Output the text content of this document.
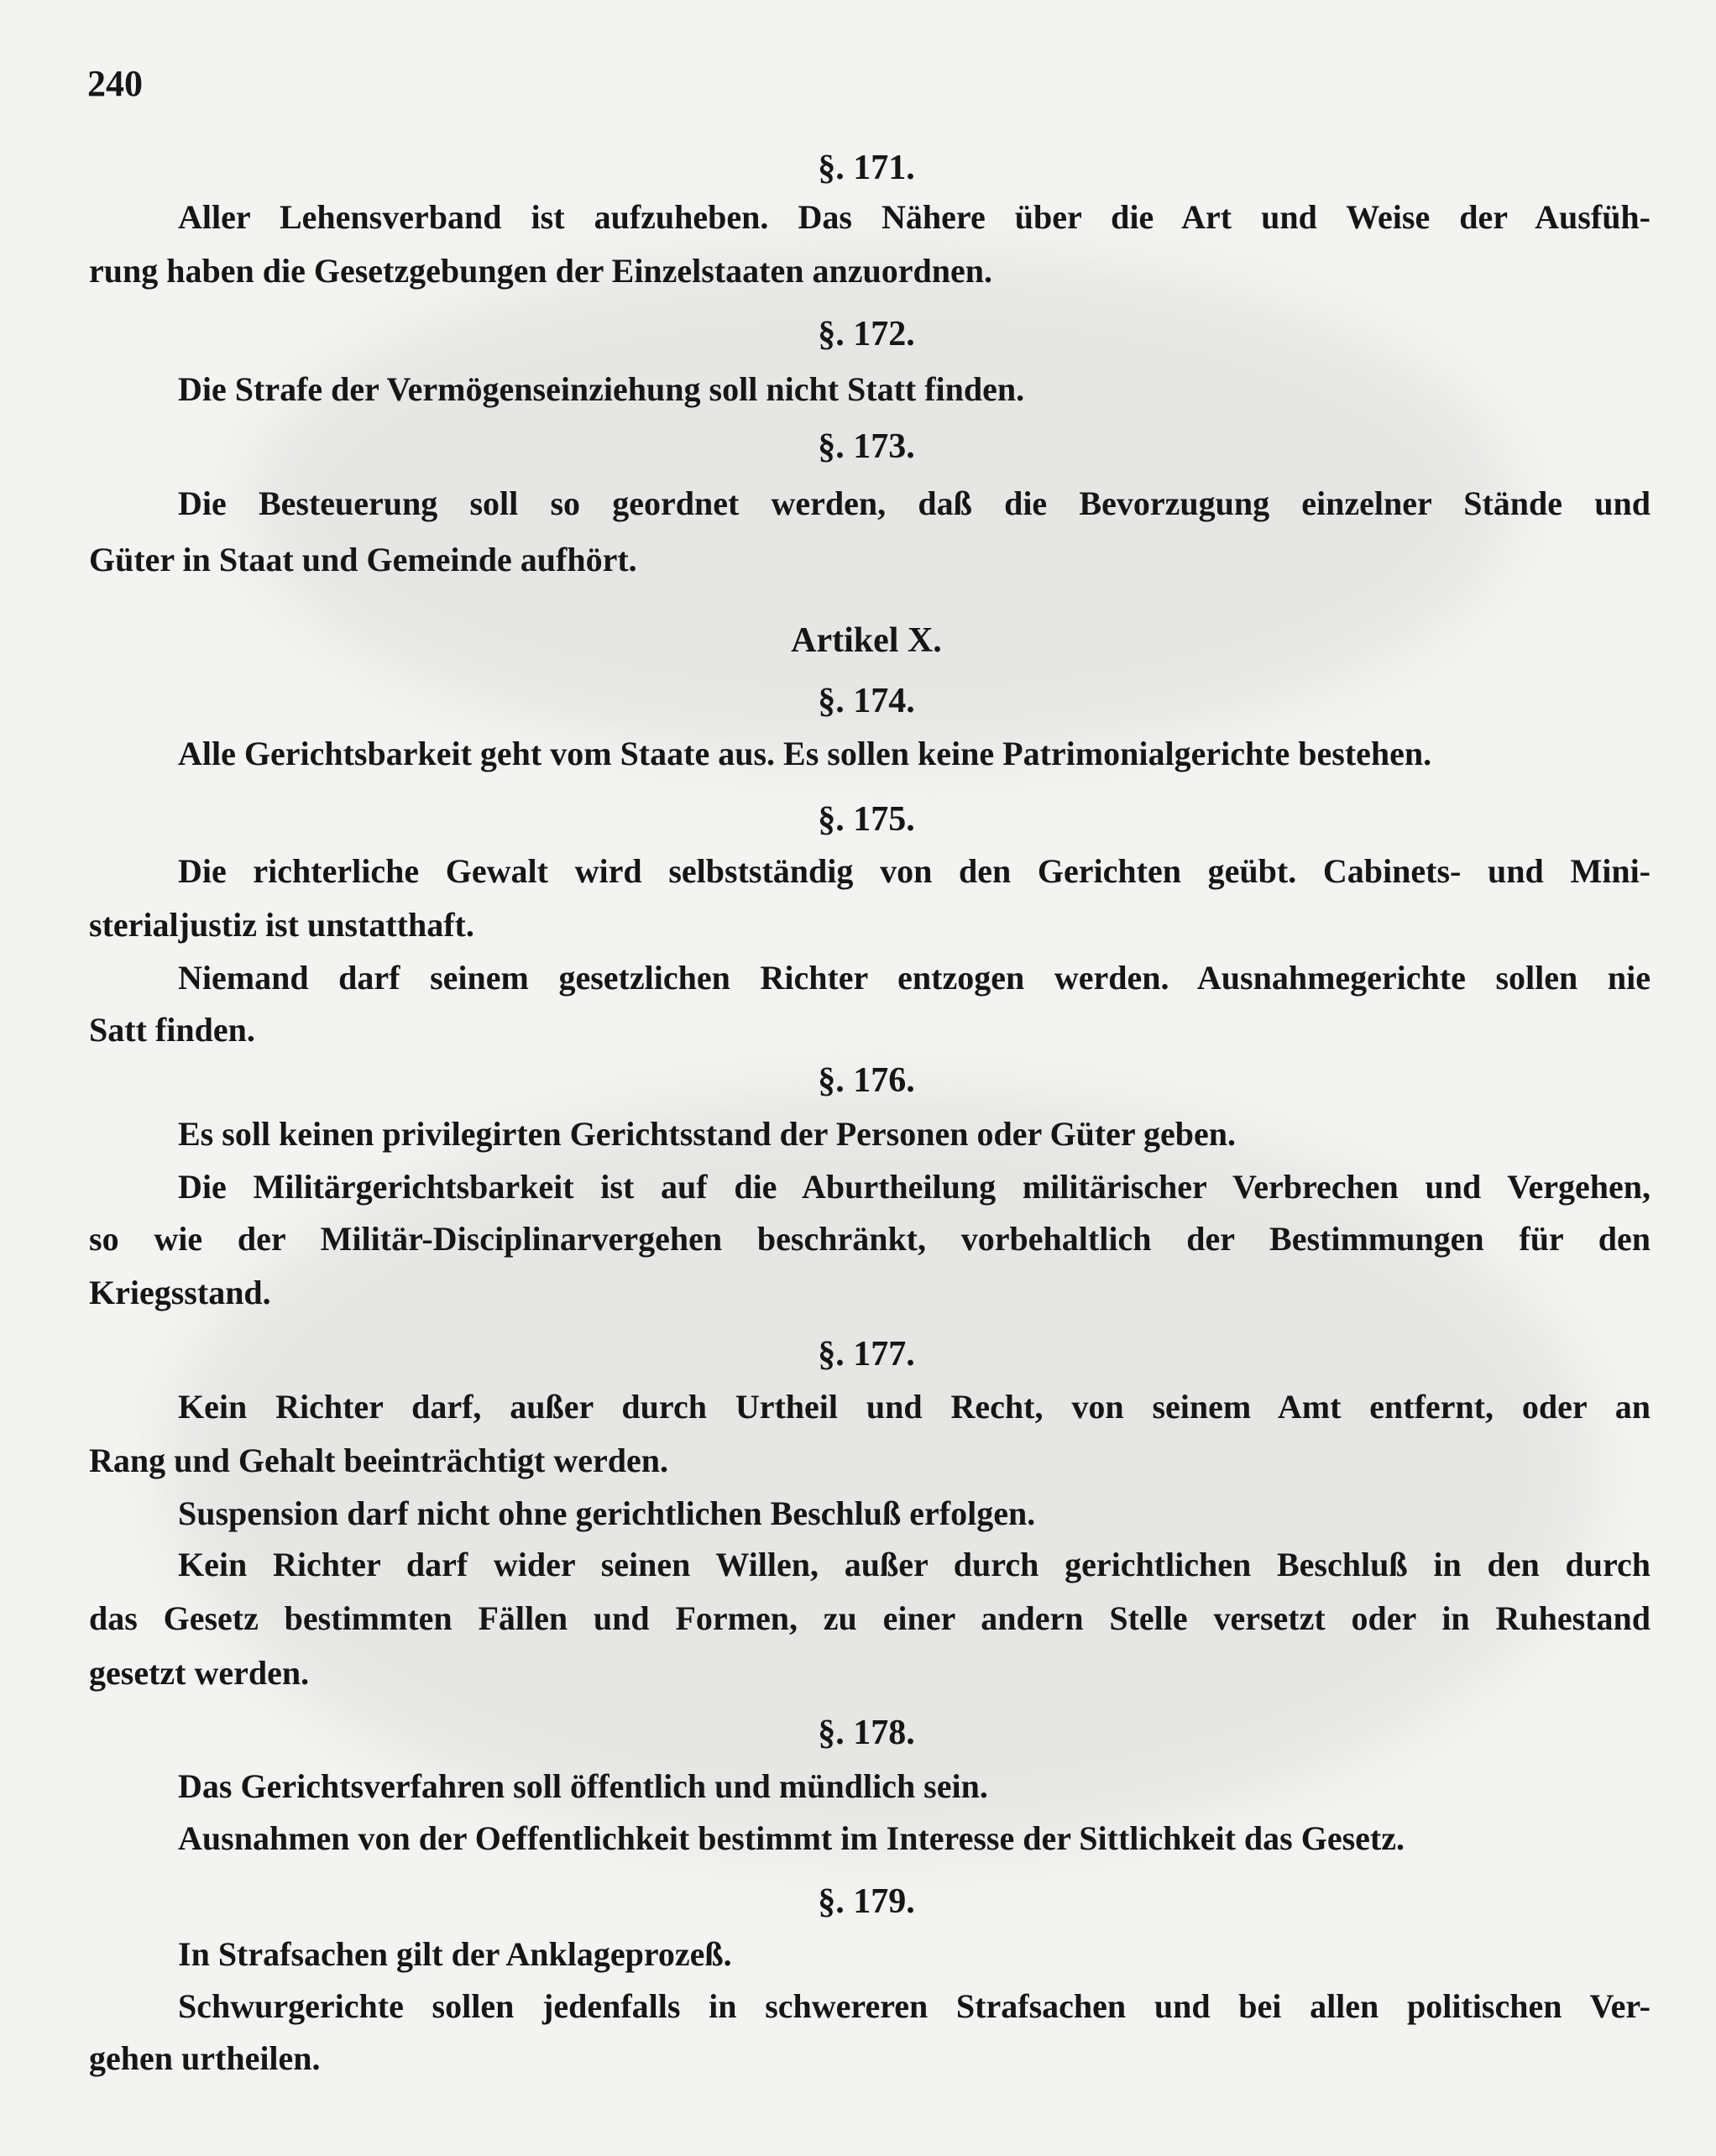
240
§. 171.
Aller Lehensverband ist aufzuheben. Das Nähere über die Art und Weise der Ausfüh-
rung haben die Gesetzgebungen der Einzelstaaten anzuordnen.
§. 172.
Die Strafe der Vermögenseinziehung soll nicht Statt finden.
§. 173.
Die Besteuerung soll so geordnet werden, daß die Bevorzugung einzelner Stände und
Güter in Staat und Gemeinde aufhört.
Artikel X.
§. 174.
Alle Gerichtsbarkeit geht vom Staate aus. Es sollen keine Patrimonialgerichte bestehen.
§. 175.
Die richterliche Gewalt wird selbstständig von den Gerichten geübt. Cabinets- und Mini-
sterialjustiz ist unstatthaft.
Niemand darf seinem gesetzlichen Richter entzogen werden. Ausnahmegerichte sollen nie
Satt finden.
§. 176.
Es soll keinen privilegirten Gerichtsstand der Personen oder Güter geben.
Die Militärgerichtsbarkeit ist auf die Aburtheilung militärischer Verbrechen und Vergehen,
so wie der Militär-Disciplinarvergehen beschränkt, vorbehaltlich der Bestimmungen für den
Kriegsstand.
§. 177.
Kein Richter darf, außer durch Urtheil und Recht, von seinem Amt entfernt, oder an
Rang und Gehalt beeinträchtigt werden.
Suspension darf nicht ohne gerichtlichen Beschluß erfolgen.
Kein Richter darf wider seinen Willen, außer durch gerichtlichen Beschluß in den durch
das Gesetz bestimmten Fällen und Formen, zu einer andern Stelle versetzt oder in Ruhestand
gesetzt werden.
§. 178.
Das Gerichtsverfahren soll öffentlich und mündlich sein.
Ausnahmen von der Oeffentlichkeit bestimmt im Interesse der Sittlichkeit das Gesetz.
§. 179.
In Strafsachen gilt der Anklageprozeß.
Schwurgerichte sollen jedenfalls in schwereren Strafsachen und bei allen politischen Ver-
gehen urtheilen.
